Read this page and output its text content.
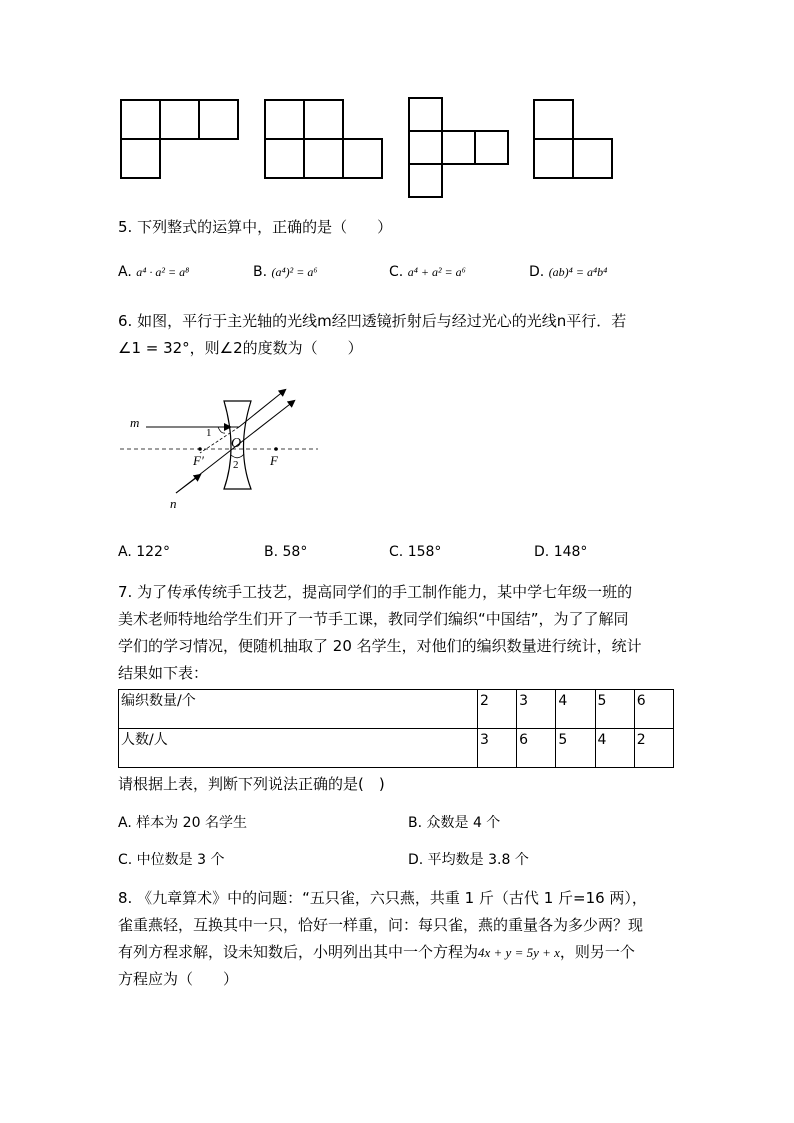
5. 下列整式的运算中，正确的是（　　）
A. a⁴ · a² = a⁸	B. (a⁴)² = a⁶	C. a⁴ + a² = a⁶	D. (ab)⁴ = a⁴b⁴
6. 如图，平行于主光轴的光线m经凹透镜折射后与经过光心的光线n平行．若
∠1 = 32°，则∠2的度数为（　　）
m
n
O
F′	F
1
2
A. 122°	B. 58°	C. 158°	D. 148°
7. 为了传承传统手工技艺，提高同学们的手工制作能力，某中学七年级一班的
美术老师特地给学生们开了一节手工课，教同学们编织“中国结”，为了了解同
学们的学习情况，便随机抽取了 20 名学生，对他们的编织数量进行统计，统计
结果如下表：
编织数量/个	2	3	4	5	6
人数/人	3	6	5	4	2
请根据上表，判断下列说法正确的是(　)
A. 样本为 20 名学生	B. 众数是 4 个
C. 中位数是 3 个	D. 平均数是 3.8 个
8. 《九章算术》中的问题：“五只雀，六只燕，共重 1 斤（古代 1 斤=16 两），
雀重燕轻，互换其中一只，恰好一样重，问：每只雀，燕的重量各为多少两？现
有列方程求解，设未知数后，小明列出其中一个方程为4x + y = 5y + x，则另一个
方程应为（　　）
